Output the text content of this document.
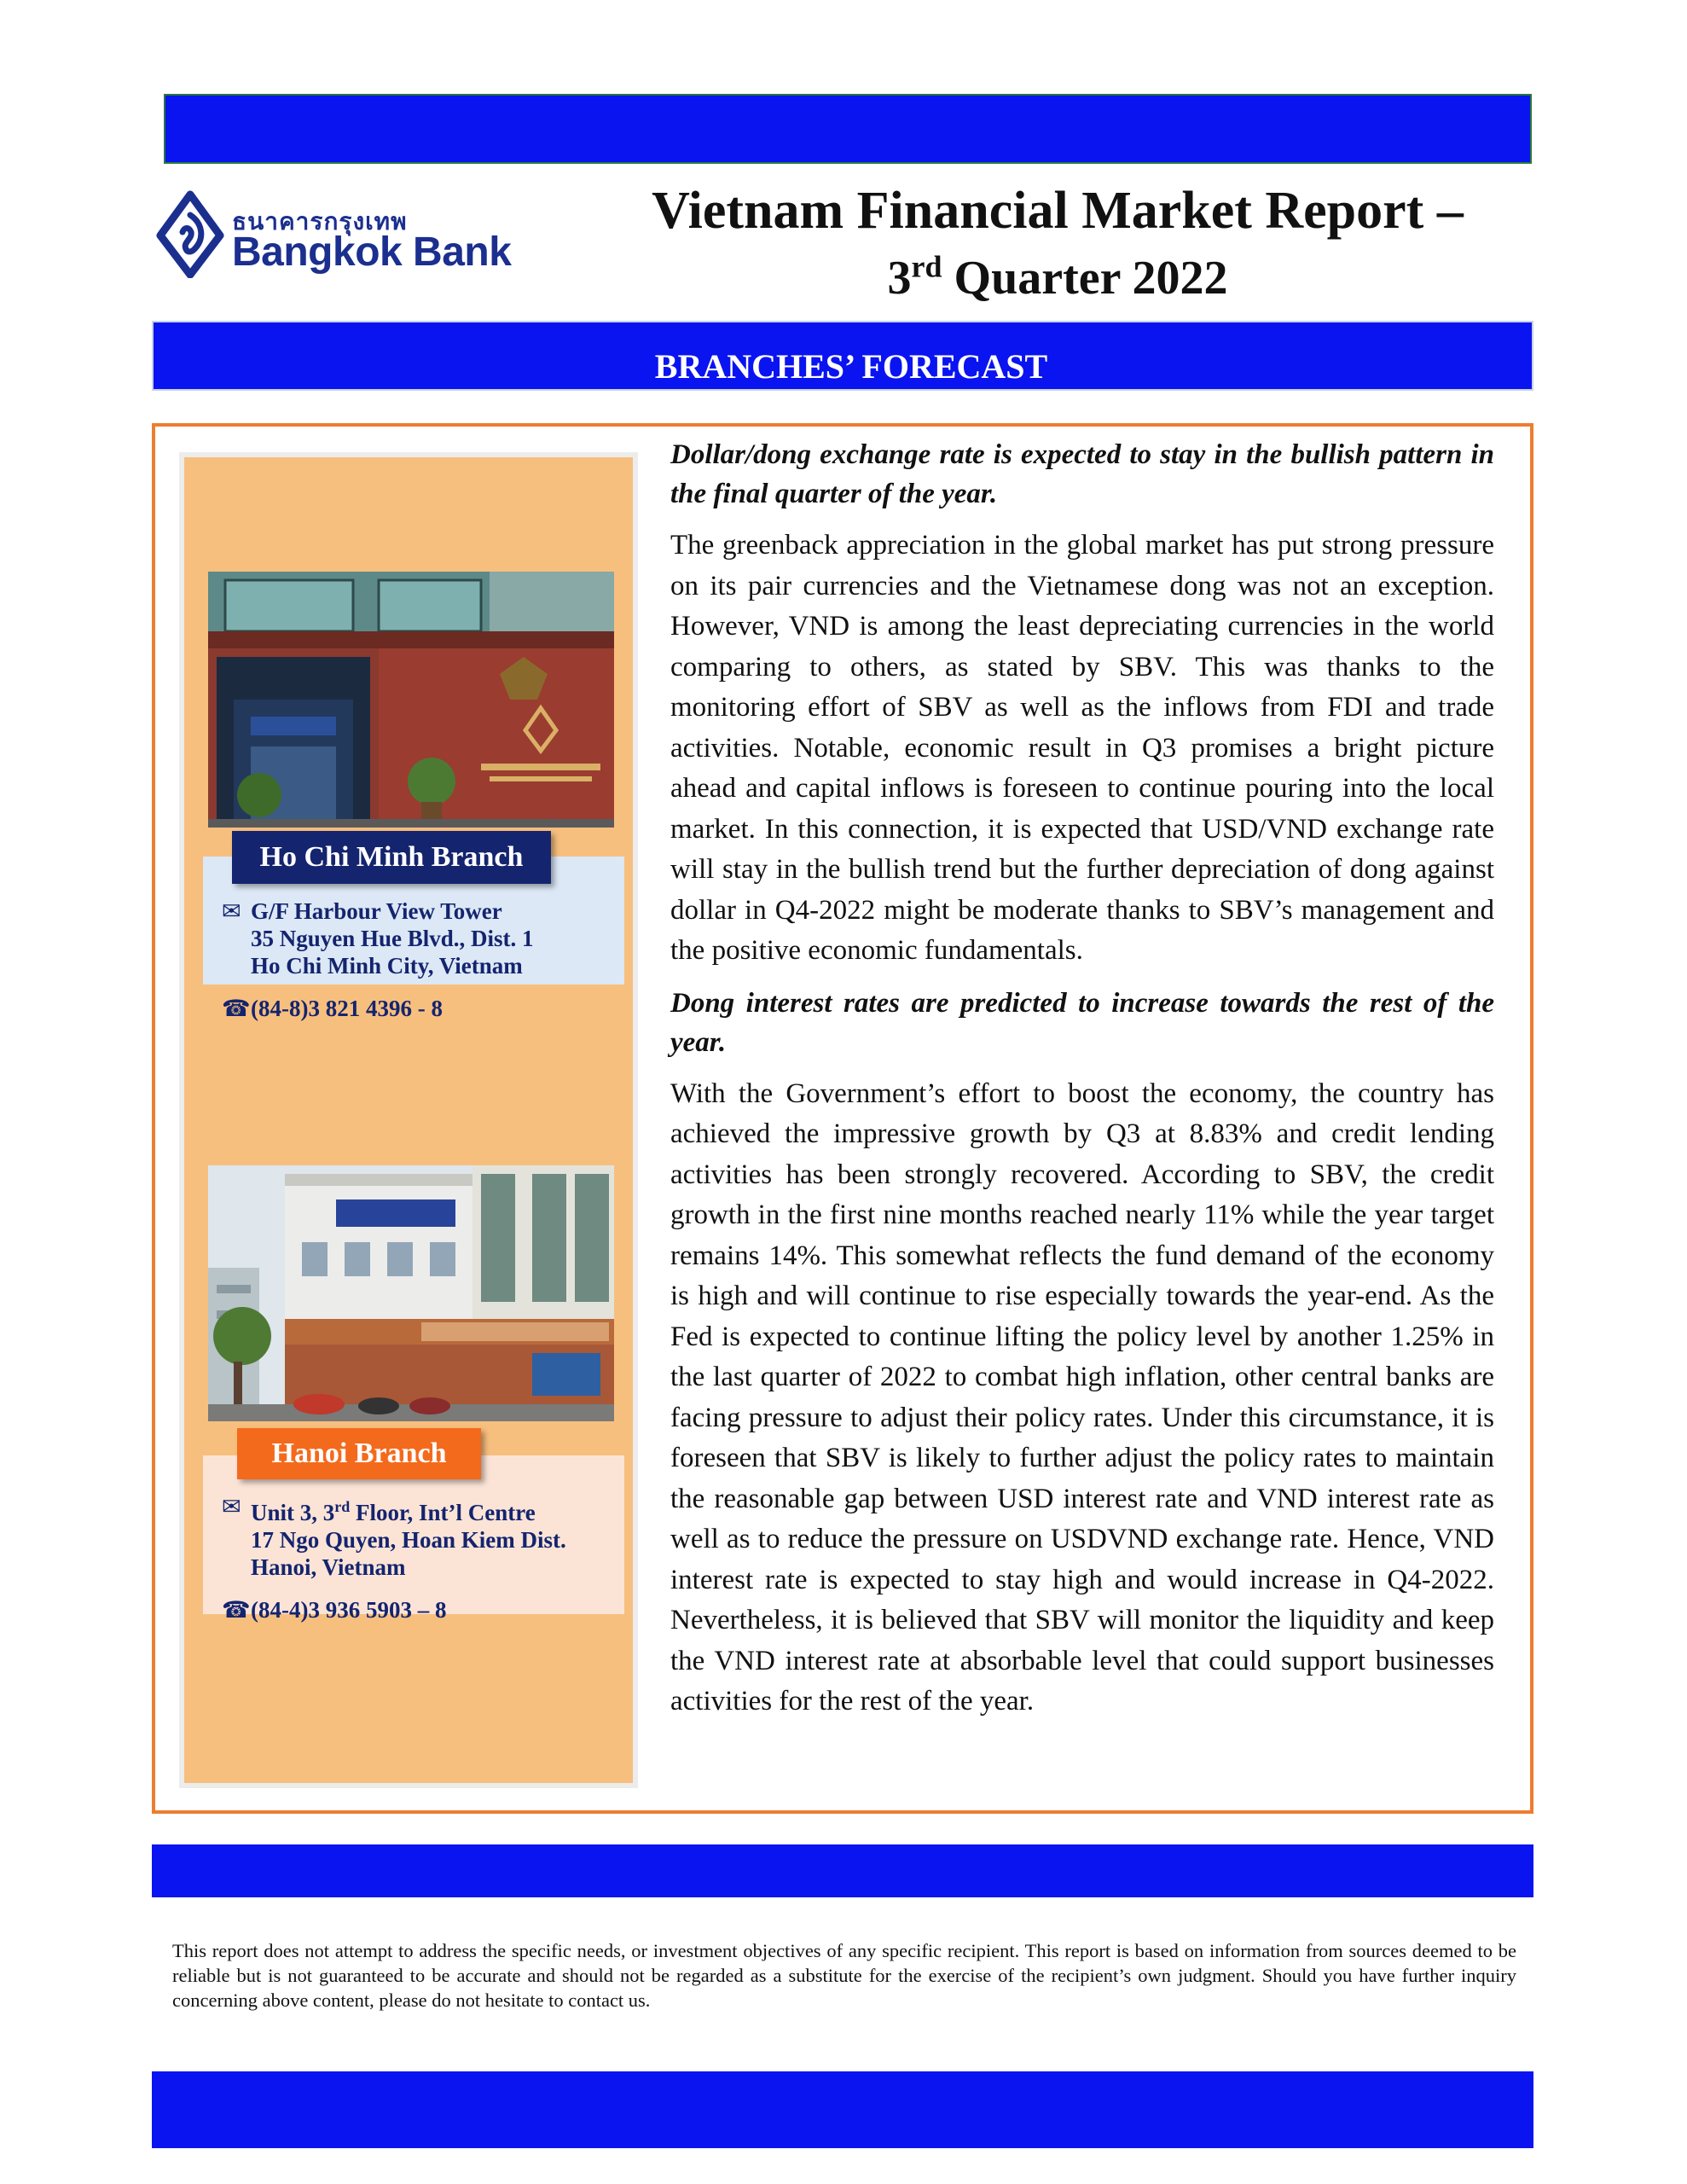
ธนาคารกรุงเทพ
Bangkok Bank
Vietnam Financial Market Report –
3rd Quarter 2022
BRANCHES’ FORECAST
✉ G/F Harbour View Tower
35 Nguyen Hue Blvd., Dist. 1
Ho Chi Minh City, Vietnam
☎ (84-8)3 821 4396 - 8
Ho Chi Minh Branch
✉ Unit 3, 3rd Floor, Int’l Centre
17 Ngo Quyen, Hoan Kiem Dist.
Hanoi, Vietnam
☎ (84-4)3 936 5903 – 8
Hanoi Branch

Dollar/dong exchange rate is expected to stay in the bullish pattern in the final quarter of the year.

The greenback appreciation in the global market has put strong pressure on its pair currencies and the Vietnamese dong was not an exception. However, VND is among the least depreciating currencies in the world comparing to others, as stated by SBV. This was thanks to the monitoring effort of SBV as well as the inflows from FDI and trade activities. Notable, economic result in Q3 promises a bright picture ahead and capital inflows is foreseen to continue pouring into the local market. In this connection, it is expected that USD/VND exchange rate will stay in the bullish trend but the further depreciation of dong against dollar in Q4-2022 might be moderate thanks to SBV’s management and the positive economic fundamentals.

Dong interest rates are predicted to increase towards the rest of the year.

With the Government’s effort to boost the economy, the country has achieved the impressive growth by Q3 at 8.83% and credit lending activities has been strongly recovered. According to SBV, the credit growth in the first nine months reached nearly 11% while the year target remains 14%. This somewhat reflects the fund demand of the economy is high and will continue to rise especially towards the year-end. As the Fed is expected to continue lifting the policy level by another 1.25% in the last quarter of 2022 to combat high inflation, other central banks are facing pressure to adjust their policy rates. Under this circumstance, it is foreseen that SBV is likely to further adjust the policy rates to maintain the reasonable gap between USD interest rate and VND interest rate as well as to reduce the pressure on USDVND exchange rate. Hence, VND interest rate is expected to stay high and would increase in Q4-2022. Nevertheless, it is believed that SBV will monitor the liquidity and keep the VND interest rate at absorbable level that could support businesses activities for the rest of the year.

This report does not attempt to address the specific needs, or investment objectives of any specific recipient. This report is based on information from sources deemed to be reliable but is not guaranteed to be accurate and should not be regarded as a substitute for the exercise of the recipient’s own judgment. Should you have further inquiry concerning above content, please do not hesitate to contact us.
